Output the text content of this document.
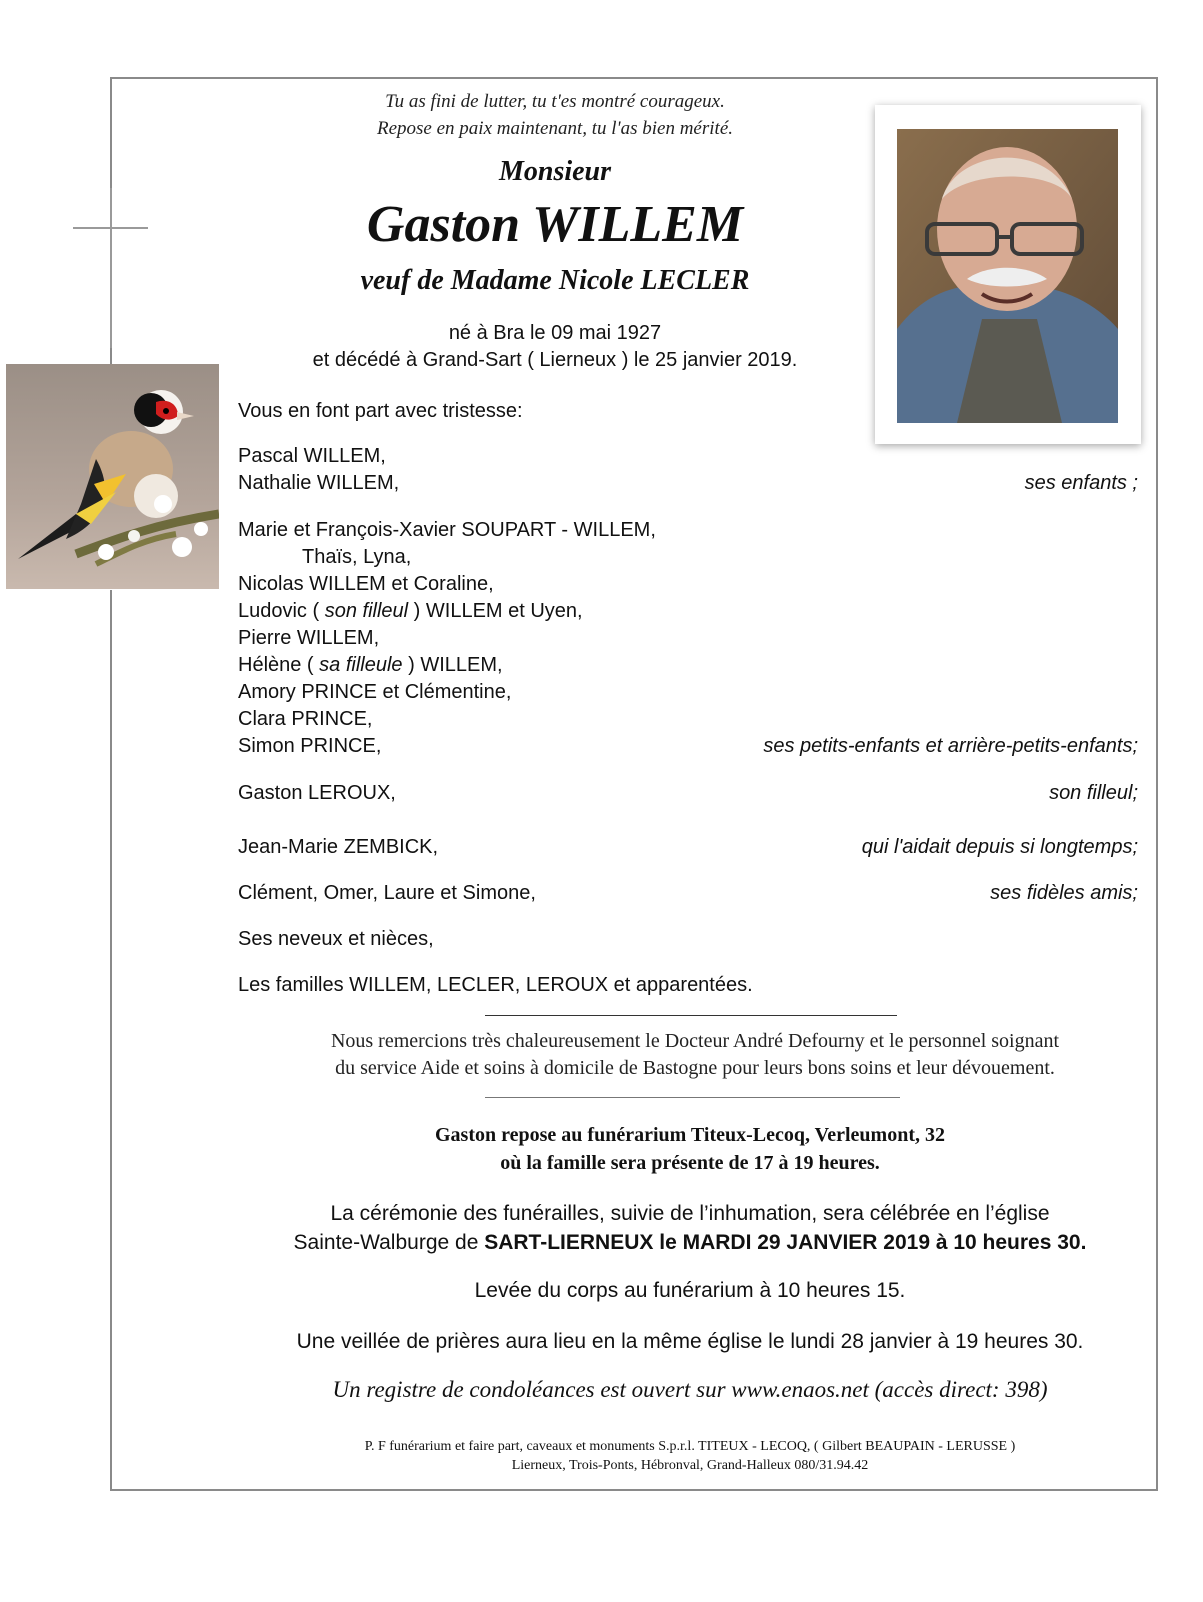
Tu as fini de lutter, tu t'es montré courageux.
Repose en paix maintenant, tu l'as bien mérité.
Monsieur
Gaston WILLEM
veuf de Madame Nicole LECLER
né à Bra le 09 mai 1927
et décédé à Grand-Sart ( Lierneux ) le 25 janvier 2019.
Vous en font part avec tristesse:
Pascal WILLEM,
Nathalie WILLEM,	ses enfants ;
Marie et François-Xavier SOUPART - WILLEM,
Thaïs, Lyna,
Nicolas WILLEM et Coraline,
Ludovic ( son filleul ) WILLEM et Uyen,
Pierre WILLEM,
Hélène ( sa filleule ) WILLEM,
Amory PRINCE et Clémentine,
Clara PRINCE,
Simon PRINCE,	ses petits-enfants et arrière-petits-enfants;
Gaston LEROUX,	son filleul;
Jean-Marie ZEMBICK,	qui l'aidait depuis si longtemps;
Clément, Omer, Laure et Simone,	ses fidèles amis;
Ses neveux et nièces,
Les familles WILLEM, LECLER, LEROUX et apparentées.
Nous remercions très chaleureusement le Docteur André Defourny et le personnel soignant
du service Aide et soins à domicile de Bastogne pour leurs bons soins et leur dévouement.
Gaston repose au funérarium Titeux-Lecoq, Verleumont, 32
où la famille sera présente de 17 à 19 heures.
La cérémonie des funérailles, suivie de l’inhumation, sera célébrée en l’église
Sainte-Walburge de SART-LIERNEUX le MARDI 29 JANVIER 2019 à 10 heures 30.
Levée du corps au funérarium à 10 heures 15.
Une veillée de prières aura lieu en la même église le lundi 28 janvier à 19 heures 30.
Un registre de condoléances est ouvert sur www.enaos.net (accès direct: 398)
P. F funérarium et faire part, caveaux et monuments S.p.r.l. TITEUX - LECOQ, ( Gilbert BEAUPAIN - LERUSSE )
Lierneux, Trois-Ponts, Hébronval, Grand-Halleux 080/31.94.42
